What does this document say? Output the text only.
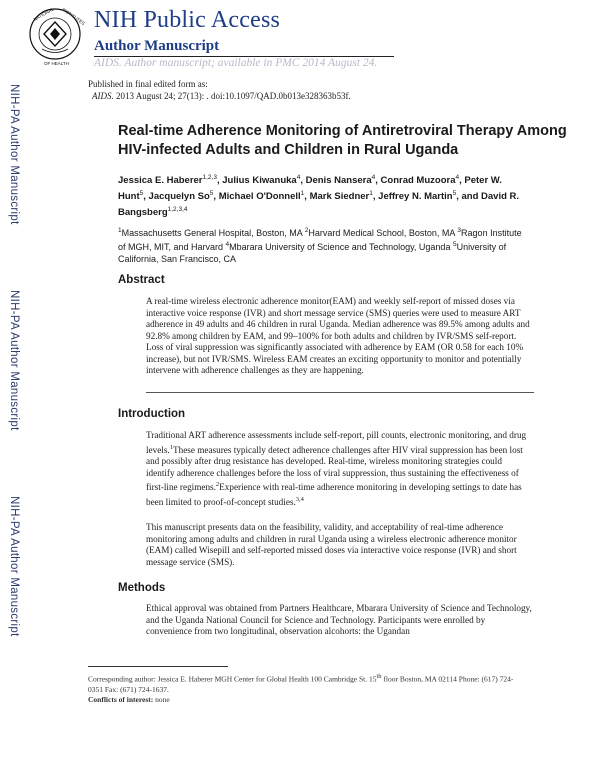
NATIONAL INSTITUTES
OF HEALTH
NIH Public Access
Author Manuscript
AIDS. Author manuscript; available in PMC 2014 August 24.
Published in final edited form as:
AIDS. 2013 August 24; 27(13): . doi:10.1097/QAD.0b013e328363b53f.
NIH-PA Author Manuscript
NIH-PA Author Manuscript
NIH-PA Author Manuscript
Real-time Adherence Monitoring of Antiretroviral Therapy Among HIV-infected Adults and Children in Rural Uganda
Jessica E. Haberer$^{1,2,3}$, Julius Kiwanuka$^4$, Denis Nansera$^4$, Conrad Muzoora$^4$, Peter W. Hunt$^5$, Jacquelyn So$^5$, Michael O'Donnell$^1$, Mark Siedner$^1$, Jeffrey N. Martin$^5$, and David R. Bangsberg$^{1,2,3,4}$
$^1$Massachusetts General Hospital, Boston, MA $^2$Harvard Medical School, Boston, MA $^3$Ragon Institute of MGH, MIT, and Harvard $^4$Mbarara University of Science and Technology, Uganda $^5$University of California, San Francisco, CA
Abstract
A real-time wireless electronic adherence monitor(EAM) and weekly self-report of missed doses via interactive voice response (IVR) and short message service (SMS) queries were used to measure ART adherence in 49 adults and 46 children in rural Uganda. Median adherence was 89.5% among adults and 92.8% among children by EAM, and 99–100% for both adults and children by IVR/SMS self-report. Loss of viral suppression was significantly associated with adherence by EAM (OR 0.58 for each 10% increase), but not IVR/SMS. Wireless EAM creates an exciting opportunity to monitor and potentially intervene with adherence challenges as they are happening.
Introduction
Traditional ART adherence assessments include self-report, pill counts, electronic monitoring, and drug levels.$^1$These measures typically detect adherence challenges after HIV viral suppression has been lost and possibly after drug resistance has developed. Real-time, wireless monitoring strategies could identify adherence challenges before the loss of viral suppression, thus sustaining the effectiveness of first-line regimens.$^2$Experience with real-time adherence monitoring in developing settings to date has been limited to proof-of-concept studies.$^{3,4}$
This manuscript presents data on the feasibility, validity, and acceptability of real-time adherence monitoring among adults and children in rural Uganda using a wireless electronic adherence monitor (EAM) called Wisepill and self-reported missed doses via interactive voice response (IVR) and short message service (SMS).
Methods
Ethical approval was obtained from Partners Healthcare, Mbarara University of Science and Technology, and the Uganda National Council for Science and Technology. Participants were enrolled by convenience from two longitudinal, observation alcohorts: the Ugandan
Corresponding author: Jessica E. Haberer MGH Center for Global Health 100 Cambridge St. 15th floor Boston, MA 02114 Phone: (617) 724-0351 Fax: (671) 724-1637.
Conflicts of interest: none
